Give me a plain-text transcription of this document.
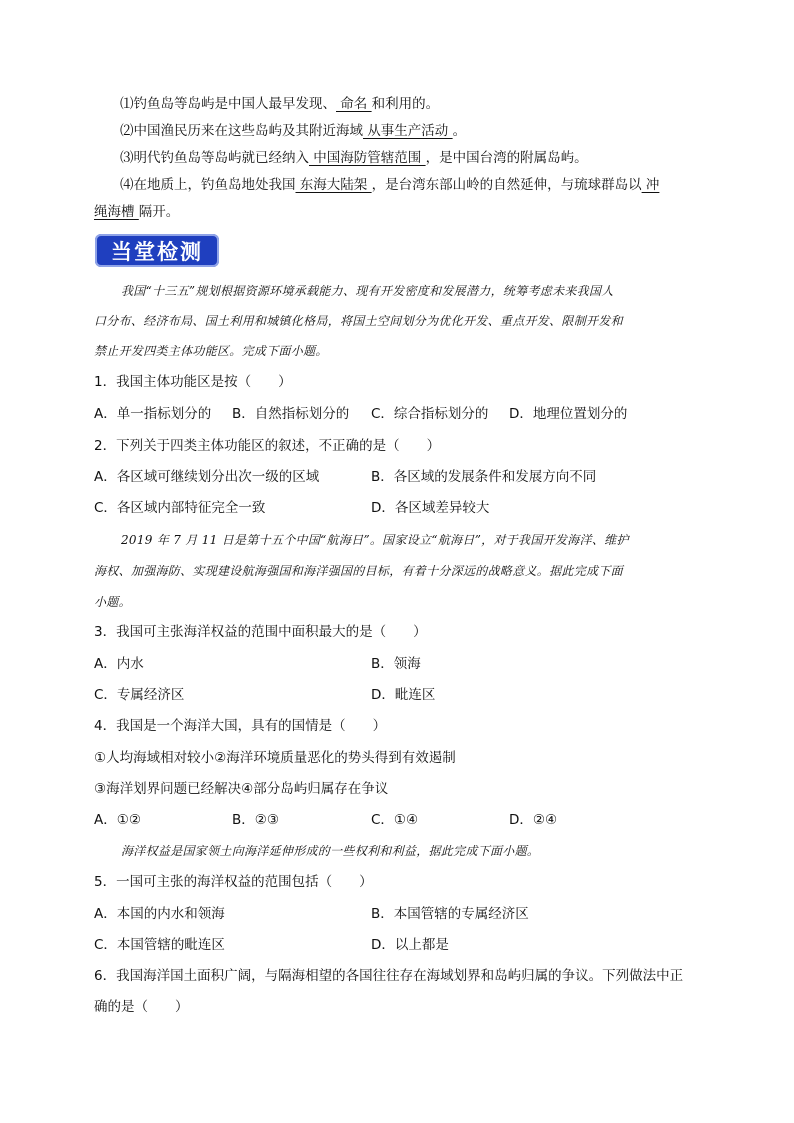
⑴钓鱼岛等岛屿是中国人最早发现、 命名 和利用的。
⑵中国渔民历来在这些岛屿及其附近海域 从事生产活动 。
⑶明代钓鱼岛等岛屿就已经纳入 中国海防管辖范围 ，是中国台湾的附属岛屿。
⑷在地质上，钓鱼岛地处我国 东海大陆架 ，是台湾东部山岭的自然延伸，与琉球群岛以 冲
绳海槽 隔开。
当堂检测
我国“十三五”规划根据资源环境承载能力、现有开发密度和发展潜力，统筹考虑未来我国人
口分布、经济布局、国土利用和城镇化格局，将国土空间划分为优化开发、重点开发、限制开发和
禁止开发四类主体功能区。完成下面小题。
1．我国主体功能区是按（　　）
A．单一指标划分的 B．自然指标划分的 C．综合指标划分的 D．地理位置划分的
2．下列关于四类主体功能区的叙述，不正确的是（　　）
A．各区域可继续划分出次一级的区域	B．各区域的发展条件和发展方向不同
C．各区域内部特征完全一致	D．各区域差异较大
2019 年 7 月 11 日是第十五个中国“航海日”。国家设立“航海日”，对于我国开发海洋、维护
海权、加强海防、实现建设航海强国和海洋强国的目标，有着十分深远的战略意义。据此完成下面
小题。
3．我国可主张海洋权益的范围中面积最大的是（　　）
A．内水	B．领海
C．专属经济区	D．毗连区
4．我国是一个海洋大国，具有的国情是（　　）
①人均海域相对较小②海洋环境质量恶化的势头得到有效遏制
③海洋划界问题已经解决④部分岛屿归属存在争议
A．①②	B．②③	C．①④	D．②④
海洋权益是国家领土向海洋延伸形成的一些权利和利益，据此完成下面小题。
5．一国可主张的海洋权益的范围包括（　　）
A．本国的内水和领海	B．本国管辖的专属经济区
C．本国管辖的毗连区	D．以上都是
6．我国海洋国土面积广阔，与隔海相望的各国往往存在海域划界和岛屿归属的争议。下列做法中正
确的是（　　）
